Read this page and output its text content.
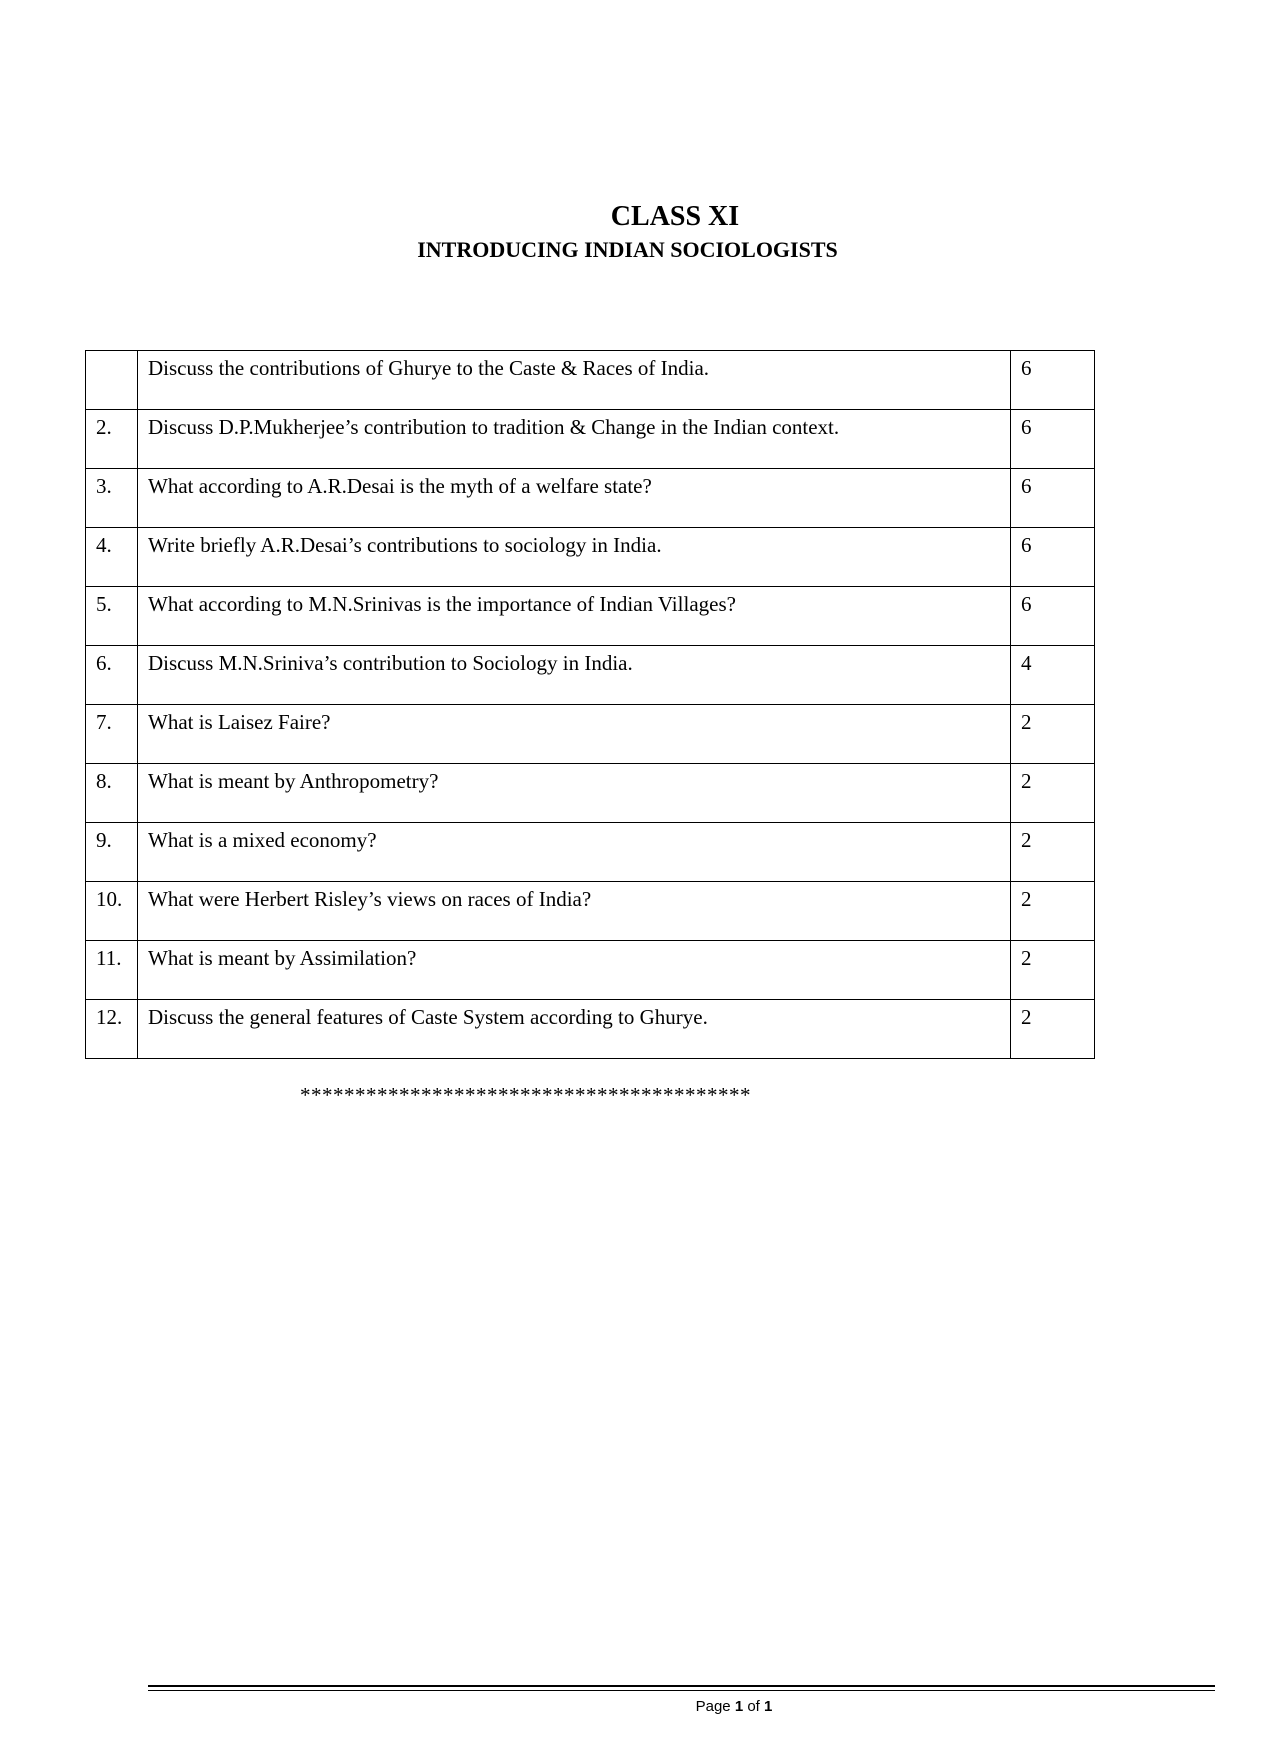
CLASS XI
INTRODUCING INDIAN SOCIOLOGISTS
	Discuss the contributions of Ghurye to the Caste & Races of India.	6
2.	Discuss D.P.Mukherjee’s contribution to tradition & Change in the Indian context.	6
3.	What according to A.R.Desai is the myth of a welfare state?	6
4.	Write briefly A.R.Desai’s contributions to sociology in India.	6
5.	What according to M.N.Srinivas is the importance of Indian Villages?	6
6.	Discuss M.N.Sriniva’s contribution to Sociology in India.	4
7.	What is Laisez Faire?	2
8.	What is meant by Anthropometry?	2
9.	What is a mixed economy?	2
10.	What were Herbert Risley’s views on races of India?	2
11.	What is meant by Assimilation?	2
12.	Discuss the general features of Caste System according to Ghurye.	2
*****************************************
Page 1 of 1
